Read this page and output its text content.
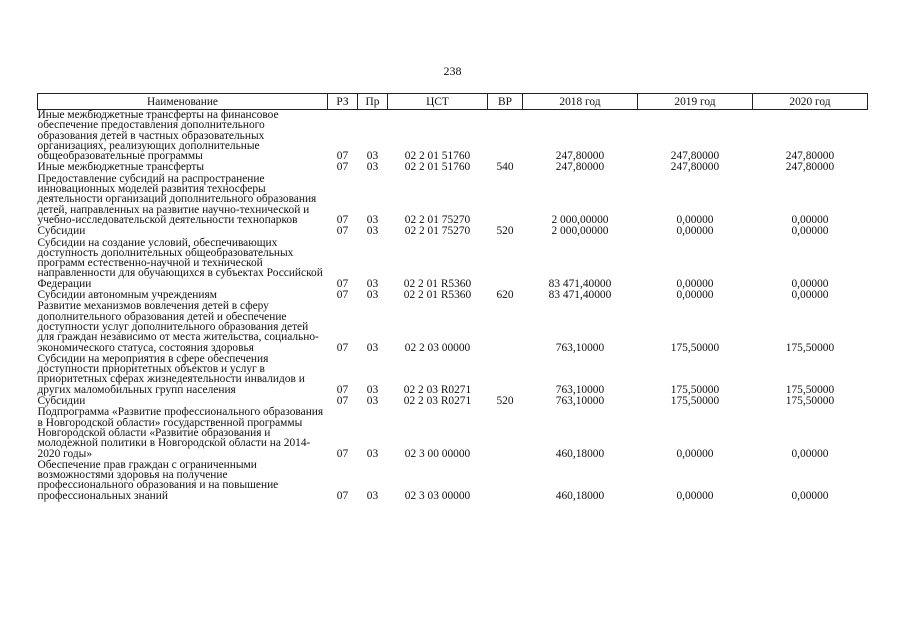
238
Наименование	РЗ	Пр	ЦСТ	ВР	2018 год	2019 год	2020 год
Иные межбюджетные трансферты на финансовое обеспечение предоставления дополнительного образования детей в частных образовательных организациях, реализующих дополнительные общеобразовательные программы	07	03	02 2 01 51760		247,80000	247,80000	247,80000
Иные межбюджетные трансферты	07	03	02 2 01 51760	540	247,80000	247,80000	247,80000
Предоставление субсидий на распространение инновационных моделей развития техносферы деятельности организаций дополнительного образования детей, направленных на развитие научно-технической и учебно-исследовательской деятельности технопарков	07	03	02 2 01 75270		2 000,00000	0,00000	0,00000
Субсидии	07	03	02 2 01 75270	520	2 000,00000	0,00000	0,00000
Субсидии на создание условий, обеспечивающих доступность дополнительных общеобразовательных программ естественно-научной и технической направленности для обучающихся в субъектах Российской Федерации	07	03	02 2 01 R5360		83 471,40000	0,00000	0,00000
Субсидии автономным учреждениям	07	03	02 2 01 R5360	620	83 471,40000	0,00000	0,00000
Развитие механизмов вовлечения детей в сферу дополнительного образования детей и обеспечение доступности услуг дополнительного образования детей для граждан независимо от места жительства, социально-экономического статуса, состояния здоровья	07	03	02 2 03 00000		763,10000	175,50000	175,50000
Субсидии на мероприятия в сфере обеспечения доступности приоритетных объектов и услуг в приоритетных сферах жизнедеятельности инвалидов и других маломобильных групп населения	07	03	02 2 03 R0271		763,10000	175,50000	175,50000
Субсидии	07	03	02 2 03 R0271	520	763,10000	175,50000	175,50000
Подпрограмма «Развитие профессионального образования в Новгородской области» государственной программы Новгородской области «Развитие образования и молодежной политики в Новгородской области на 2014-2020 годы»	07	03	02 3 00 00000		460,18000	0,00000	0,00000
Обеспечение прав граждан с ограниченными возможностями здоровья на получение профессионального образования и на повышение профессиональных знаний	07	03	02 3 03 00000		460,18000	0,00000	0,00000
